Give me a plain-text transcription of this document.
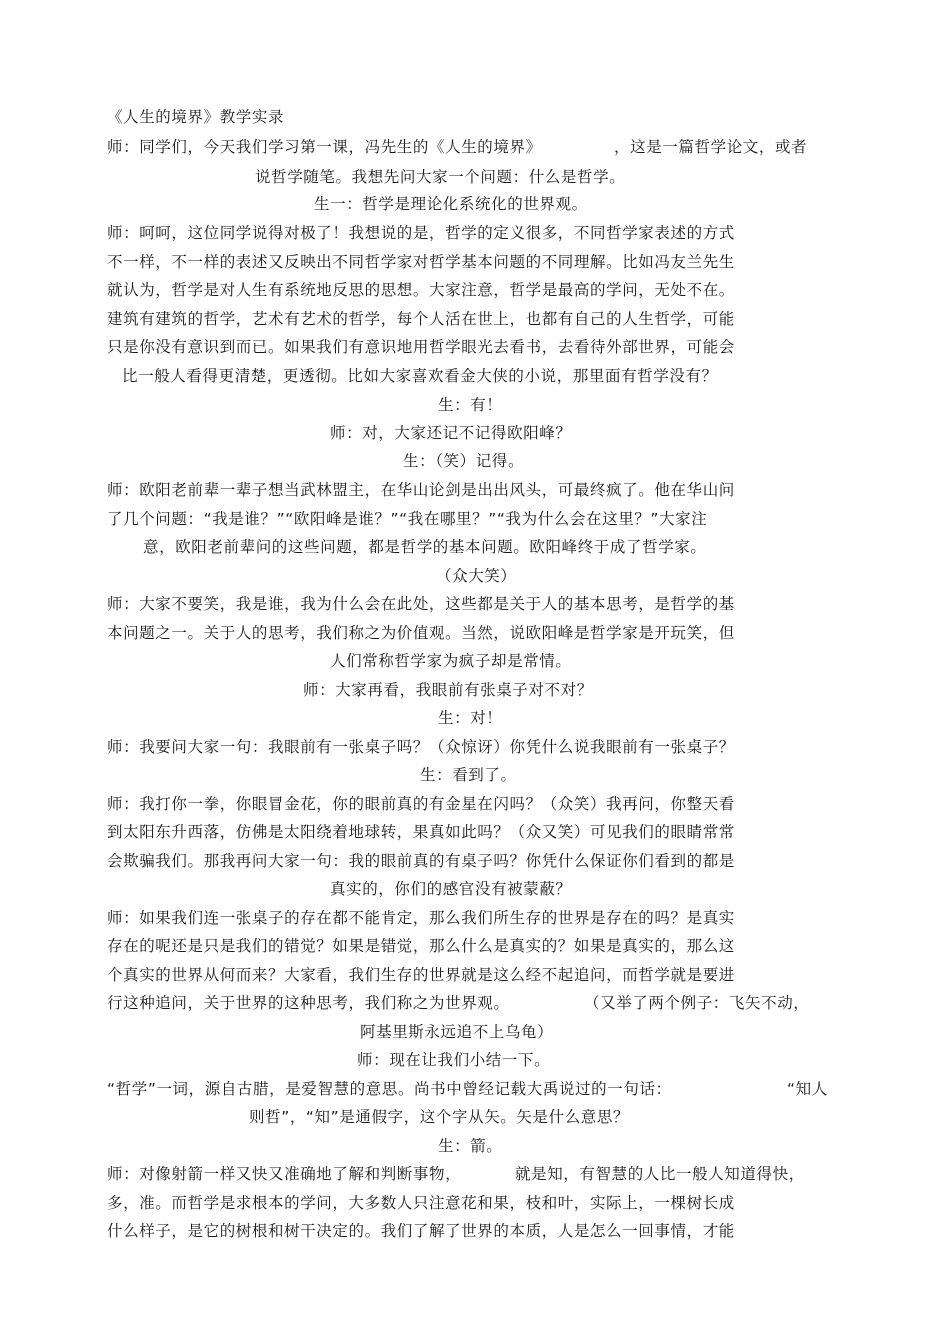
《人生的境界》教学实录
师：同学们，今天我们学习第一课，冯先生的《人生的境界》	，这是一篇哲学论文，或者
说哲学随笔。我想先问大家一个问题：什么是哲学。
生一：哲学是理论化系统化的世界观。
师：呵呵，这位同学说得对极了！我想说的是，哲学的定义很多，不同哲学家表述的方式
不一样，不一样的表述又反映出不同哲学家对哲学基本问题的不同理解。比如冯友兰先生
就认为，哲学是对人生有系统地反思的思想。大家注意，哲学是最高的学问，无处不在。
建筑有建筑的哲学，艺术有艺术的哲学，每个人活在世上，也都有自己的人生哲学，可能
只是你没有意识到而已。如果我们有意识地用哲学眼光去看书，去看待外部世界，可能会
比一般人看得更清楚，更透彻。比如大家喜欢看金大侠的小说，那里面有哲学没有？
生：有！
师：对，大家还记不记得欧阳峰？
生：（笑）记得。
师：欧阳老前辈一辈子想当武林盟主，在华山论剑是出出风头，可最终疯了。他在华山问
了几个问题：“我是谁？”“欧阳峰是谁？”“我在哪里？”“我为什么会在这里？”大家注
意，欧阳老前辈问的这些问题，都是哲学的基本问题。欧阳峰终于成了哲学家。
（众大笑）
师：大家不要笑，我是谁，我为什么会在此处，这些都是关于人的基本思考，是哲学的基
本问题之一。关于人的思考，我们称之为价值观。当然，说欧阳峰是哲学家是开玩笑，但
人们常称哲学家为疯子却是常情。
师：大家再看，我眼前有张桌子对不对？
生：对！
师：我要问大家一句：我眼前有一张桌子吗？（众惊讶）你凭什么说我眼前有一张桌子？
生：看到了。
师：我打你一拳，你眼冒金花，你的眼前真的有金星在闪吗？（众笑）我再问，你整天看
到太阳东升西落，仿佛是太阳绕着地球转，果真如此吗？（众又笑）可见我们的眼睛常常
会欺骗我们。那我再问大家一句：我的眼前真的有桌子吗？你凭什么保证你们看到的都是
真实的，你们的感官没有被蒙蔽？
师：如果我们连一张桌子的存在都不能肯定，那么我们所生存的世界是存在的吗？是真实
存在的呢还是只是我们的错觉？如果是错觉，那么什么是真实的？如果是真实的，那么这
个真实的世界从何而来？大家看，我们生存的世界就是这么经不起追问，而哲学就是要进
行这种追问，关于世界的这种思考，我们称之为世界观。	（又举了两个例子：飞矢不动，
阿基里斯永远追不上乌龟）
师：现在让我们小结一下。
“哲学”一词，源自古腊，是爱智慧的意思。尚书中曾经记载大禹说过的一句话：	“知人
则哲”，“知”是通假字，这个字从矢。矢是什么意思？
生：箭。
师：对像射箭一样又快又准确地了解和判断事物，	就是知，有智慧的人比一般人知道得快，
多，准。而哲学是求根本的学问，大多数人只注意花和果，枝和叶，实际上，一棵树长成
什么样子，是它的树根和树干决定的。我们了解了世界的本质，人是怎么一回事情，才能
